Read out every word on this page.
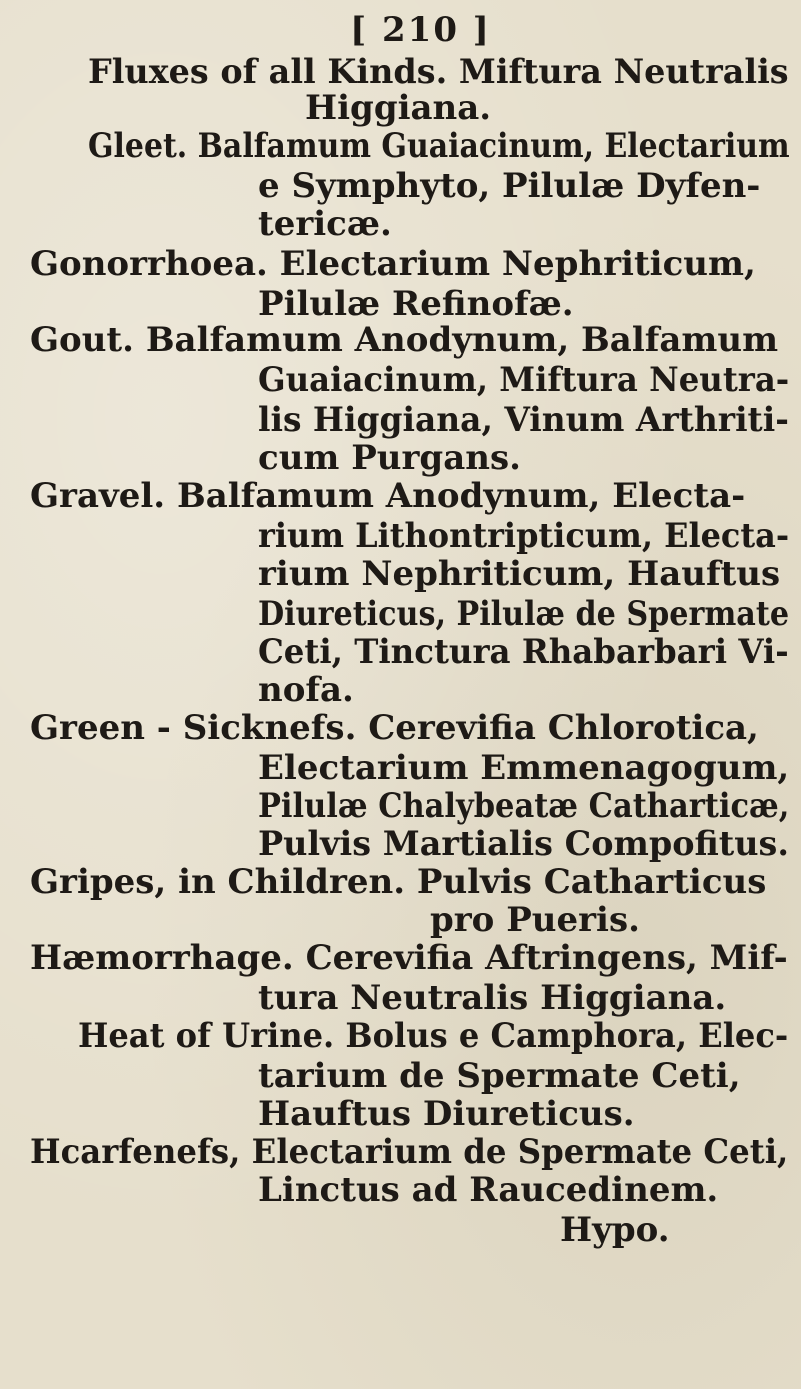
[ 210 ]
Fluxes of all Kinds. Miftura Neutralis
Higgiana.
Gleet. Balfamum Guaiacinum, Electarium
e Symphyto, Pilulæ Dyfen-
tericæ.
Gonorrhoea. Electarium Nephriticum,
Pilulæ Refinofæ.
Gout. Balfamum Anodynum, Balfamum
Guaiacinum, Miftura Neutra-
lis Higgiana, Vinum Arthriti-
cum Purgans.
Gravel. Balfamum Anodynum, Electa-
rium Lithontripticum, Electa-
rium Nephriticum, Hauftus
Diureticus, Pilulæ de Spermate
Ceti, Tinctura Rhabarbari Vi-
nofa.
Green - Sicknefs. Cerevifia Chlorotica,
Electarium Emmenagogum,
Pilulæ Chalybeatæ Catharticæ,
Pulvis Martialis Compofitus.
Gripes, in Children. Pulvis Catharticus
pro Pueris.
Hæmorrhage. Cerevifia Aftringens, Mif-
tura Neutralis Higgiana.
Heat of Urine. Bolus e Camphora, Elec-
tarium de Spermate Ceti,
Hauftus Diureticus.
Hcarfenefs, Electarium de Spermate Ceti,
Linctus ad Raucedinem.
Hypo.
